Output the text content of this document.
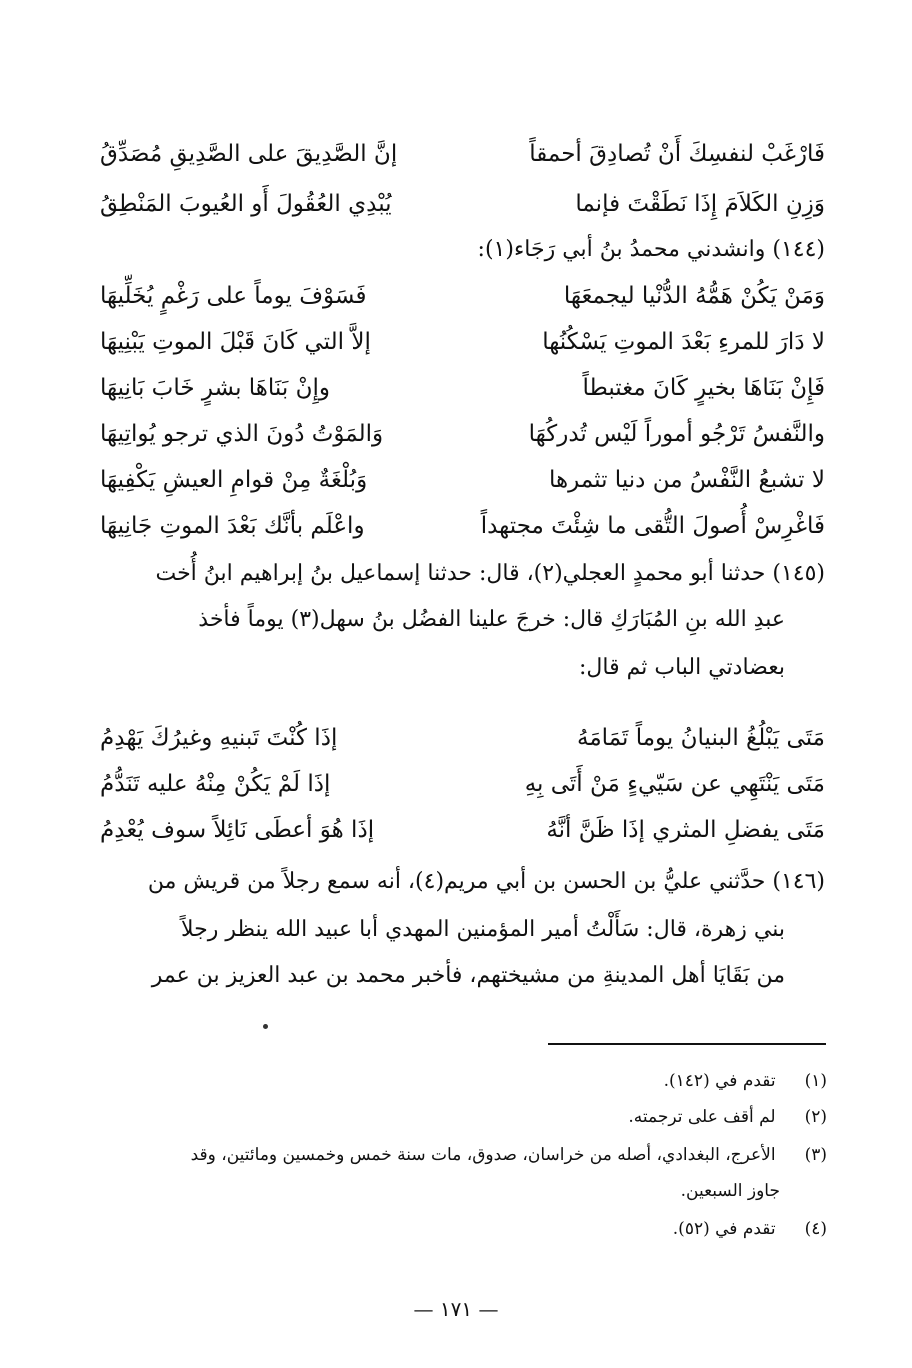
فَارْغَبْ لنفسِكَ أَنْ تُصادِقَ أحمقاً
إنَّ الصَّدِيقَ على الصَّدِيقِ مُصَدِّقُ
وَزِنِ الكَلاَمَ إِذَا نَطَقْتَ فإنما
يُبْدِي العُقُولَ أَو العُيوبَ المَنْطِقُ
(١٤٤) وانشدني محمدُ بنُ أبي رَجَاء(١):
وَمَنْ يَكُنْ هَمُّهُ الدُّنْيا ليجمعَهَا
فَسَوْفَ يوماً على رَغْمٍ يُخَلِّيهَا
لا دَارَ للمرءِ بَعْدَ الموتِ يَسْكُنُها
إلاَّ التي كَانَ قَبْلَ الموتِ يَبْنِيهَا
فَإِنْ بَنَاهَا بخيرٍ كَانَ مغتبطاً
وإِنْ بَنَاهَا بشرٍ خَابَ بَانِيهَا
والنَّفسُ تَرْجُو أموراً لَيْس تُدركُهَا
وَالمَوْتُ دُونَ الذي ترجو يُواتِيهَا
لا تشبعُ النَّفْسُ من دنيا تثمرها
وَبُلْغَةٌ مِنْ قوامِ العيشِ يَكْفِيهَا
فَاغْرِسْ أُصولَ التُّقى ما شِئْتَ مجتهداً
واعْلَم بأنَّك بَعْدَ الموتِ جَانِيهَا
(١٤٥) حدثنا أبو محمدٍ العجلي(٢)، قال: حدثنا إسماعيل بنُ إبراهيم ابنُ أُخت
عبدِ الله بنِ المُبَارَكِ قال: خرجَ علينا الفضُل بنُ سهل(٣) يوماً فأخذ
بعضادتي الباب ثم قال:
مَتَى يَبْلُغُ البنيانُ يوماً تَمَامَهُ
إذَا كُنْتَ تَبنيهِ وغيرُكَ يَهْدِمُ
مَتَى يَنْتَهِي عن سَيّيءٍ مَنْ أَتَى بِهِ
إذَا لَمْ يَكُنْ مِنْهُ عليه تَنَدُّمُ
مَتَى يفضلِ المثري إذَا ظَنَّ أنَّهُ
إذَا هُوَ أعطَى نَائِلاً سوف يُعْدِمُ
(١٤٦) حدَّثني عليُّ بن الحسن بن أبي مريم(٤)، أنه سمع رجلاً من قريش من
بني زهرة، قال: سَأَلْتُ أمير المؤمنين المهدي أبا عبيد الله ينظر رجلاً
من بَقَايَا أهل المدينةِ من مشيختهم، فأخبر محمد بن عبد العزيز بن عمر
(١) تقدم في (١٤٢).
(٢) لم أقف على ترجمته.
(٣) الأعرج، البغدادي، أصله من خراسان، صدوق، مات سنة خمس وخمسين ومائتين، وقد
جاوز السبعين.
(٤) تقدم في (٥٢).
— ١٧١ —
